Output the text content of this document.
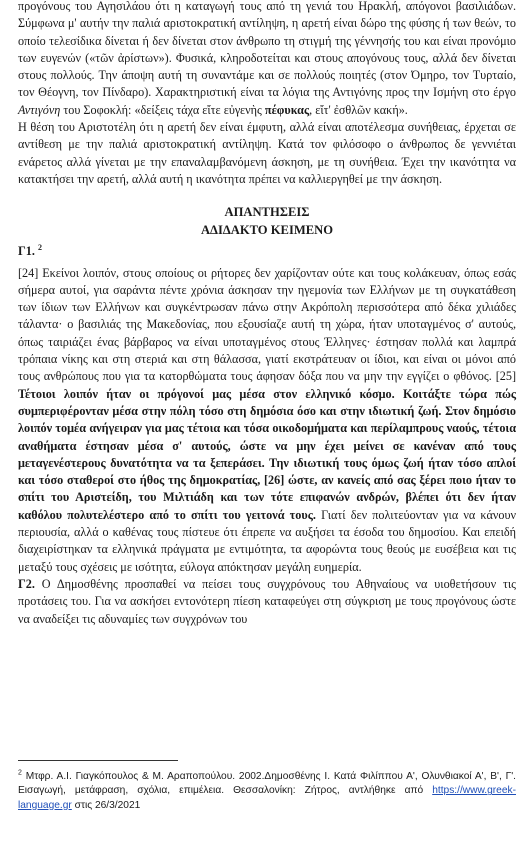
προγόνους του Αγησιλάου ότι η καταγωγή τους από τη γενιά του Ηρακλή, απόγονοι βασιλιάδων. Σύμφωνα μ' αυτήν την παλιά αριστοκρατική αντίληψη, η αρετή είναι δώρο της φύσης ή των θεών, το οποίο τελεσίδικα δίνεται ή δεν δίνεται στον άνθρωπο τη στιγμή της γέννησής του και είναι προνόμιο των ευγενών («τῶν ἀρίστων»). Φυσικά, κληροδοτείται και στους απογόνους τους, αλλά δεν δίνεται στους πολλούς. Την άποψη αυτή τη συναντάμε και σε πολλούς ποιητές (στον Όμηρο, τον Τυρταίο, τον Θέογνη, τον Πίνδαρο). Χαρακτηριστική είναι τα λόγια της Αντιγόνης προς την Ισμήνη στο έργο Αντιγόνη του Σοφοκλή: «δείξεις τάχα εἴτε εὐγενὴς πέφυκας, εἴτ' ἐσθλῶν κακή».

Η θέση του Αριστοτέλη ότι η αρετή δεν είναι έμφυτη, αλλά είναι αποτέλεσμα συνήθειας, έρχεται σε αντίθεση με την παλιά αριστοκρατική αντίληψη. Κατά τον φιλόσοφο ο άνθρωπος δε γεννιέται ενάρετος αλλά γίνεται με την επαναλαμβανόμενη άσκηση, με τη συνήθεια. Έχει την ικανότητα να κατακτήσει την αρετή, αλλά αυτή η ικανότητα πρέπει να καλλιεργηθεί με την άσκηση.

ΑΠΑΝΤΗΣΕΙΣ
ΑΔΙΔΑΚΤΟ ΚΕΙΜΕΝΟ

Γ1. $^2$

[24] Εκείνοι λοιπόν, στους οποίους οι ρήτορες δεν χαρίζονταν ούτε και τους κολάκευαν, όπως εσάς σήμερα αυτοί, για σαράντα πέντε χρόνια άσκησαν την ηγεμονία των Ελλήνων με τη συγκατάθεση των ίδιων των Ελλήνων και συγκέντρωσαν πάνω στην Ακρόπολη περισσότερα από δέκα χιλιάδες τάλαντα· ο βασιλιάς της Μακεδονίας, που εξουσίαζε αυτή τη χώρα, ήταν υποταγμένος σ' αυτούς, όπως ταιριάζει ένας βάρβαρος να είναι υποταγμένος στους Έλληνες· έστησαν πολλά και λαμπρά τρόπαια νίκης και στη στεριά και στη θάλασσα, γιατί εκστράτευαν οι ίδιοι, και είναι οι μόνοι από τους ανθρώπους που για τα κατορθώματα τους άφησαν δόξα που να μην την εγγίζει ο φθόνος. [25] Τέτοιοι λοιπόν ήταν οι πρόγονοί μας μέσα στον ελληνικό κόσμο. Κοιτάξτε τώρα πώς συμπεριφέρονταν μέσα στην πόλη τόσο στη δημόσια όσο και στην ιδιωτική ζωή. Στον δημόσιο λοιπόν τομέα ανήγειραν για μας τέτοια και τόσα οικοδομήματα και περίλαμπρους ναούς, τέτοια αναθήματα έστησαν μέσα σ' αυτούς, ώστε να μην έχει μείνει σε κανέναν από τους μεταγενέστερους δυνατότητα να τα ξεπεράσει. Την ιδιωτική τους όμως ζωή ήταν τόσο απλοί και τόσο σταθεροί στο ήθος της δημοκρατίας, [26] ώστε, αν κανείς από σας ξέρει ποιο ήταν το σπίτι του Αριστείδη, του Μιλτιάδη και των τότε επιφανών ανδρών, βλέπει ότι δεν ήταν καθόλου πολυτελέστερο από το σπίτι του γειτονά τους. Γιατί δεν πολιτεύονταν για να κάνουν περιουσία, αλλά ο καθένας τους πίστευε ότι έπρεπε να αυξήσει τα έσοδα του δημοσίου. Και επειδή διαχειρίστηκαν τα ελληνικά πράγματα με εντιμότητα, τα αφορώντα τους θεούς με ευσέβεια και τις μεταξύ τους σχέσεις με ισότητα, εύλογα απόκτησαν μεγάλη ευημερία.

Γ2. Ο Δημοσθένης προσπαθεί να πείσει τους συγχρόνους του Αθηναίους να υιοθετήσουν τις προτάσεις του. Για να ασκήσει εντονότερη πίεση καταφεύγει στη σύγκριση με τους προγόνους ώστε να αναδείξει τις αδυναμίες των συγχρόνων του

$^2$ Μτφρ. Α.Ι. Γιαγκόπουλος & Μ. Αραποπούλου. 2002.Δημοσθένης Ι. Κατά Φιλίππου Α', Ολυνθιακοί Α', Β', Γ'. Εισαγωγή, μετάφραση, σχόλια, επιμέλεια. Θεσσαλονίκη: Ζήτρος, αντλήθηκε από https://www.greek-language.gr στις 26/3/2021
